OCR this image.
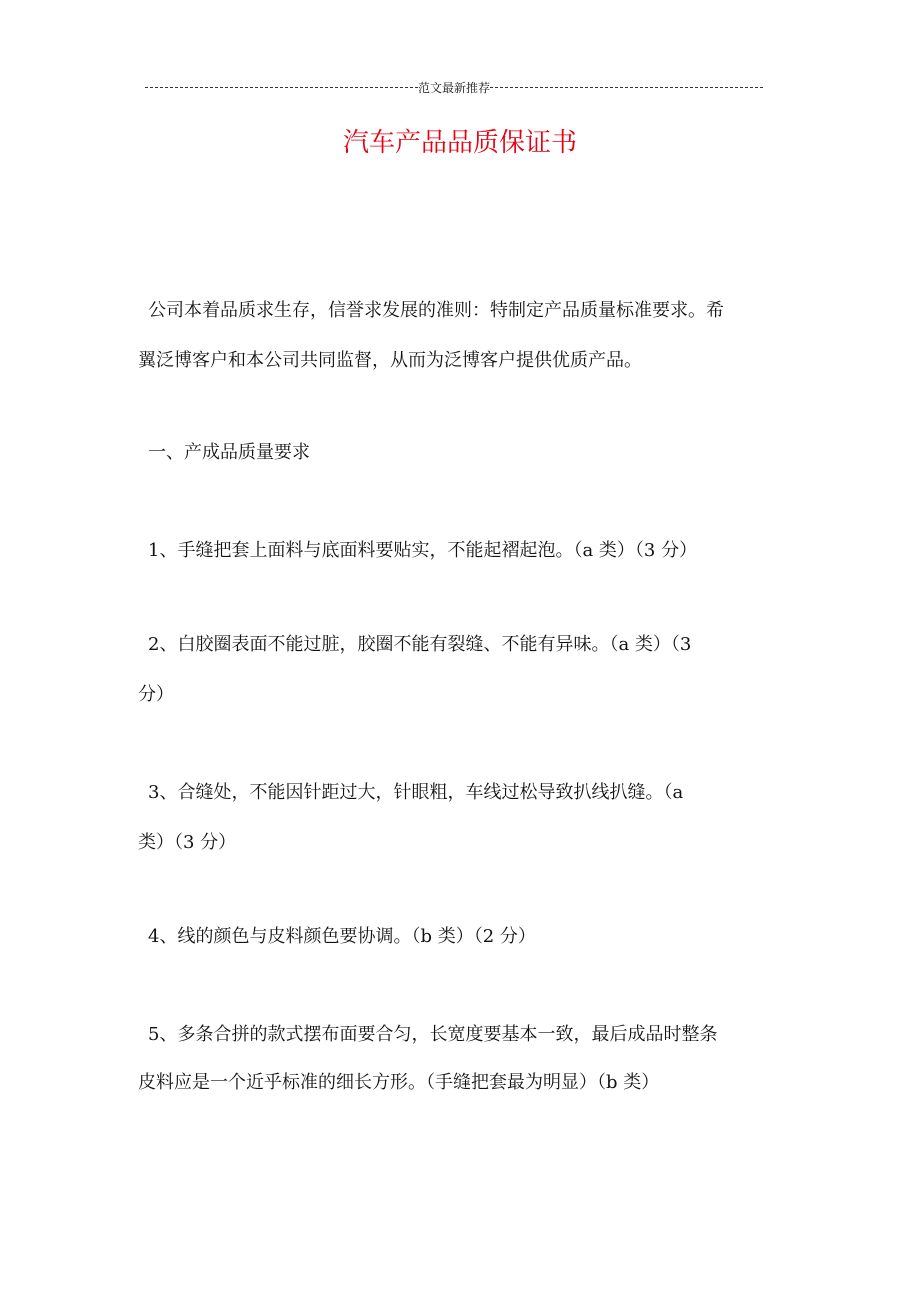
范文最新推荐
汽车产品品质保证书
公司本着品质求生存，信誉求发展的准则：特制定产品质量标准要求。希
翼泛博客户和本公司共同监督，从而为泛博客户提供优质产品。
一、产成品质量要求
1、手缝把套上面料与底面料要贴实，不能起褶起泡。（a 类）（3 分）
2、白胶圈表面不能过脏，胶圈不能有裂缝、不能有异味。（a 类）（3
分）
3、合缝处，不能因针距过大，针眼粗，车线过松导致扒线扒缝。（a
类）（3 分）
4、线的颜色与皮料颜色要协调。（b 类）（2 分）
5、多条合拼的款式摆布面要合匀，长宽度要基本一致，最后成品时整条
皮料应是一个近乎标准的细长方形。（手缝把套最为明显）（b 类）
